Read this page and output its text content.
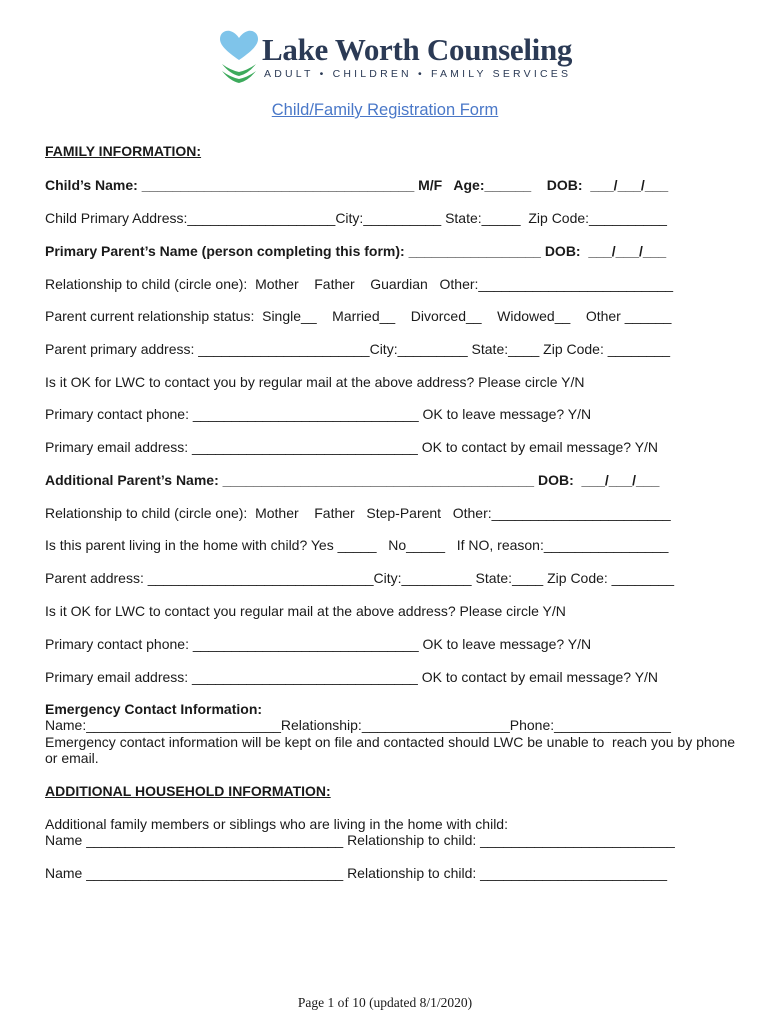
Lake Worth Counseling
ADULT • CHILDREN • FAMILY SERVICES
Child/Family Registration Form
FAMILY INFORMATION:
Child’s Name: ___________________________________ M/F   Age:______    DOB:  ___/___/___
Child Primary Address:___________________City:__________ State:_____  Zip Code:__________
Primary Parent’s Name (person completing this form): _________________ DOB:  ___/___/___
Relationship to child (circle one):  Mother    Father    Guardian   Other:_________________________
Parent current relationship status:  Single__    Married__    Divorced__    Widowed__    Other ______
Parent primary address: ______________________City:_________ State:____ Zip Code: ________
Is it OK for LWC to contact you by regular mail at the above address? Please circle Y/N
Primary contact phone: _____________________________ OK to leave message? Y/N
Primary email address: _____________________________ OK to contact by email message? Y/N
Additional Parent’s Name: ________________________________________ DOB:  ___/___/___
Relationship to child (circle one):  Mother    Father   Step-Parent   Other:_______________________
Is this parent living in the home with child? Yes _____   No_____   If NO, reason:________________
Parent address: _____________________________City:_________ State:____ Zip Code: ________
Is it OK for LWC to contact you regular mail at the above address? Please circle Y/N
Primary contact phone: _____________________________ OK to leave message? Y/N
Primary email address: _____________________________ OK to contact by email message? Y/N
Emergency Contact Information:
Name:_________________________Relationship:___________________Phone:_______________
Emergency contact information will be kept on file and contacted should LWC be unable to  reach you by phone
or email.
ADDITIONAL HOUSEHOLD INFORMATION:
Additional family members or siblings who are living in the home with child:
Name _________________________________ Relationship to child: _________________________
Name _________________________________ Relationship to child: ________________________
Page 1 of 10 (updated 8/1/2020)
